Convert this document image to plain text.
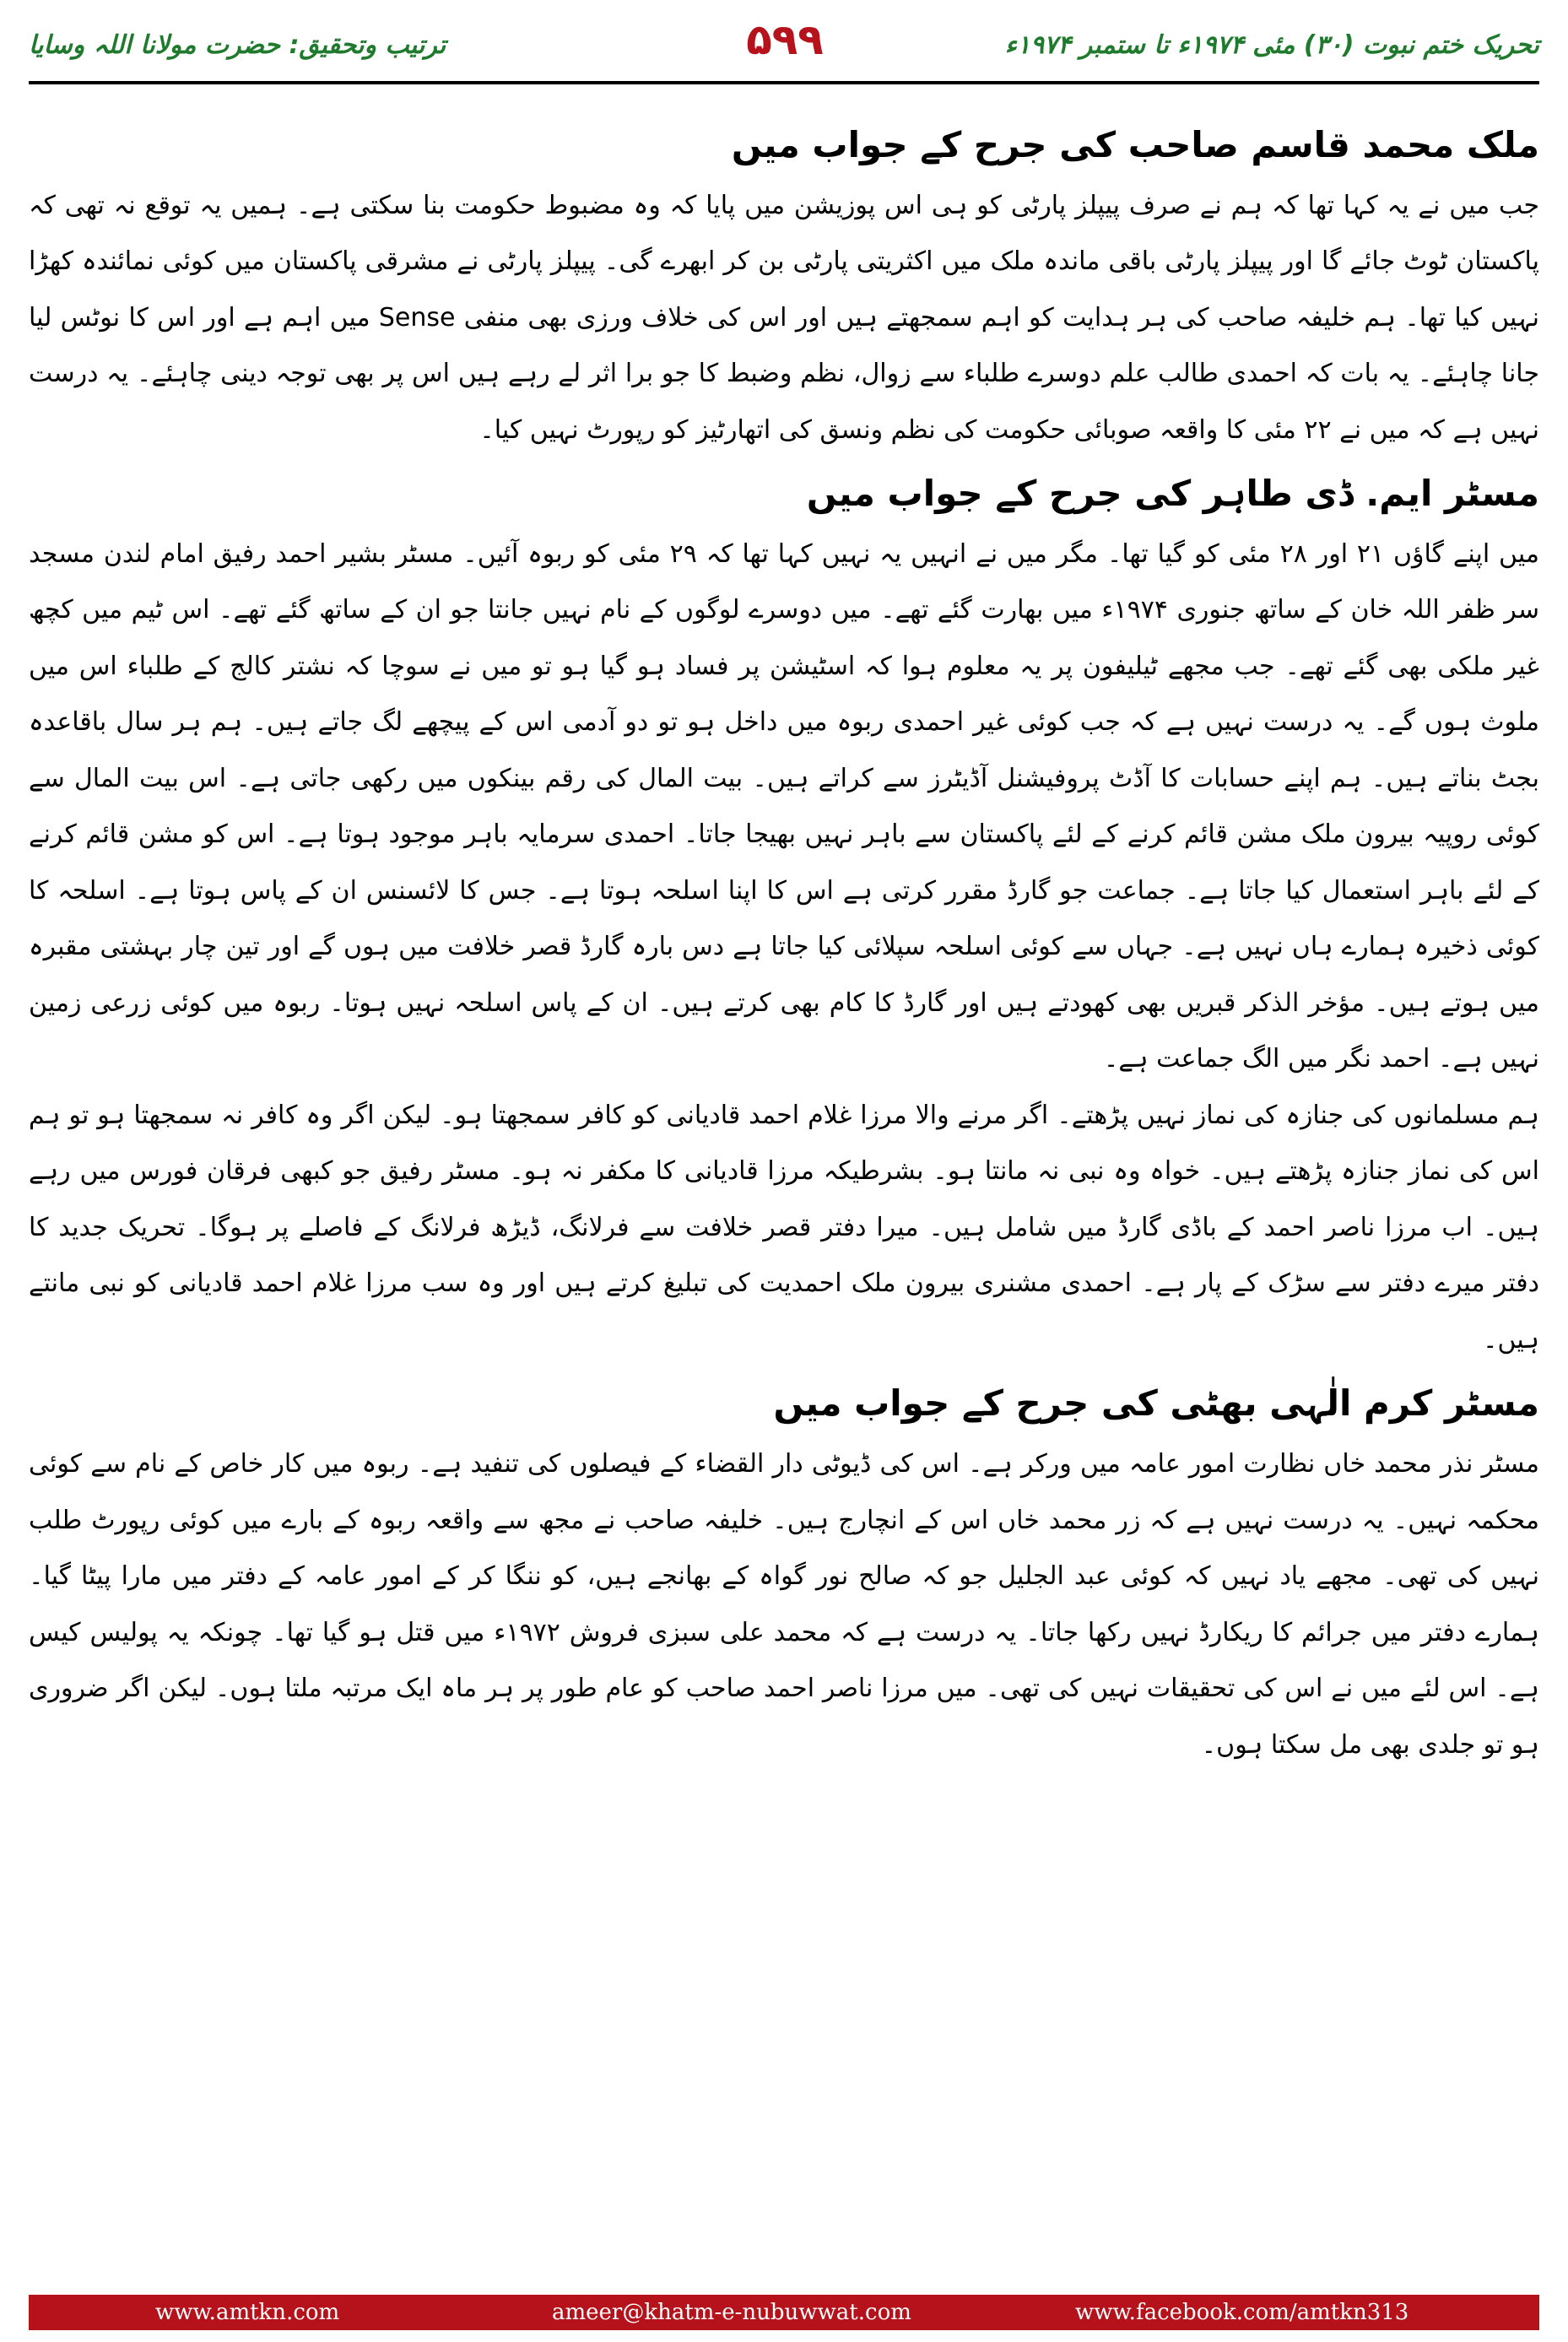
ترتیب وتحقیق: حضرت مولانا اللہ وسایا	۵۹۹	تحریک ختم نبوت (۳۰) مئی ۱۹۷۴ء تا ستمبر ۱۹۷۴ء
ملک محمد قاسم صاحب کی جرح کے جواب میں

جب میں نے یہ کہا تھا کہ ہم نے صرف پیپلز پارٹی کو ہی اس پوزیشن میں پایا کہ وہ مضبوط حکومت بنا سکتی ہے۔ ہمیں یہ توقع نہ تھی کہ پاکستان ٹوٹ جائے گا اور پیپلز پارٹی باقی ماندہ ملک میں اکثریتی پارٹی بن کر ابھرے گی۔ پیپلز پارٹی نے مشرقی پاکستان میں کوئی نمائندہ کھڑا نہیں کیا تھا۔ ہم خلیفہ صاحب کی ہر ہدایت کو اہم سمجھتے ہیں اور اس کی خلاف ورزی بھی منفی Sense میں اہم ہے اور اس کا نوٹس لیا جانا چاہئے۔ یہ بات کہ احمدی طالب علم دوسرے طلباء سے زوال، نظم وضبط کا جو برا اثر لے رہے ہیں اس پر بھی توجہ دینی چاہئے۔ یہ درست نہیں ہے کہ میں نے ۲۲ مئی کا واقعہ صوبائی حکومت کی نظم ونسق کی اتھارٹیز کو رپورٹ نہیں کیا۔

مسٹر ایم. ڈی طاہر کی جرح کے جواب میں

میں اپنے گاؤں ۲۱ اور ۲۸ مئی کو گیا تھا۔ مگر میں نے انہیں یہ نہیں کہا تھا کہ ۲۹ مئی کو ربوہ آئیں۔ مسٹر بشیر احمد رفیق امام لندن مسجد سر ظفر اللہ خان کے ساتھ جنوری ۱۹۷۴ء میں بھارت گئے تھے۔ میں دوسرے لوگوں کے نام نہیں جانتا جو ان کے ساتھ گئے تھے۔ اس ٹیم میں کچھ غیر ملکی بھی گئے تھے۔ جب مجھے ٹیلیفون پر یہ معلوم ہوا کہ اسٹیشن پر فساد ہو گیا ہو تو میں نے سوچا کہ نشتر کالج کے طلباء اس میں ملوث ہوں گے۔ یہ درست نہیں ہے کہ جب کوئی غیر احمدی ربوہ میں داخل ہو تو دو آدمی اس کے پیچھے لگ جاتے ہیں۔ ہم ہر سال باقاعدہ بجٹ بناتے ہیں۔ ہم اپنے حسابات کا آڈٹ پروفیشنل آڈیٹرز سے کراتے ہیں۔ بیت المال کی رقم بینکوں میں رکھی جاتی ہے۔ اس بیت المال سے کوئی روپیہ بیرون ملک مشن قائم کرنے کے لئے پاکستان سے باہر نہیں بھیجا جاتا۔ احمدی سرمایہ باہر موجود ہوتا ہے۔ اس کو مشن قائم کرنے کے لئے باہر استعمال کیا جاتا ہے۔ جماعت جو گارڈ مقرر کرتی ہے اس کا اپنا اسلحہ ہوتا ہے۔ جس کا لائسنس ان کے پاس ہوتا ہے۔ اسلحہ کا کوئی ذخیرہ ہمارے ہاں نہیں ہے۔ جہاں سے کوئی اسلحہ سپلائی کیا جاتا ہے دس بارہ گارڈ قصر خلافت میں ہوں گے اور تین چار بہشتی مقبرہ میں ہوتے ہیں۔ مؤخر الذکر قبریں بھی کھودتے ہیں اور گارڈ کا کام بھی کرتے ہیں۔ ان کے پاس اسلحہ نہیں ہوتا۔ ربوہ میں کوئی زرعی زمین نہیں ہے۔ احمد نگر میں الگ جماعت ہے۔

ہم مسلمانوں کی جنازہ کی نماز نہیں پڑھتے۔ اگر مرنے والا مرزا غلام احمد قادیانی کو کافر سمجھتا ہو۔ لیکن اگر وہ کافر نہ سمجھتا ہو تو ہم اس کی نماز جنازہ پڑھتے ہیں۔ خواہ وہ نبی نہ مانتا ہو۔ بشرطیکہ مرزا قادیانی کا مکفر نہ ہو۔ مسٹر رفیق جو کبھی فرقان فورس میں رہے ہیں۔ اب مرزا ناصر احمد کے باڈی گارڈ میں شامل ہیں۔ میرا دفتر قصر خلافت سے فرلانگ، ڈیڑھ فرلانگ کے فاصلے پر ہوگا۔ تحریک جدید کا دفتر میرے دفتر سے سڑک کے پار ہے۔ احمدی مشنری بیرون ملک احمدیت کی تبلیغ کرتے ہیں اور وہ سب مرزا غلام احمد قادیانی کو نبی مانتے ہیں۔

مسٹر کرم الٰہی بھٹی کی جرح کے جواب میں

مسٹر نذر محمد خاں نظارت امور عامہ میں ورکر ہے۔ اس کی ڈیوٹی دار القضاء کے فیصلوں کی تنفید ہے۔ ربوہ میں کار خاص کے نام سے کوئی محکمہ نہیں۔ یہ درست نہیں ہے کہ زر محمد خاں اس کے انچارج ہیں۔ خلیفہ صاحب نے مجھ سے واقعہ ربوہ کے بارے میں کوئی رپورٹ طلب نہیں کی تھی۔ مجھے یاد نہیں کہ کوئی عبد الجلیل جو کہ صالح نور گواہ کے بھانجے ہیں، کو ننگا کر کے امور عامہ کے دفتر میں مارا پیٹا گیا۔ ہمارے دفتر میں جرائم کا ریکارڈ نہیں رکھا جاتا۔ یہ درست ہے کہ محمد علی سبزی فروش ۱۹۷۲ء میں قتل ہو گیا تھا۔ چونکہ یہ پولیس کیس ہے۔ اس لئے میں نے اس کی تحقیقات نہیں کی تھی۔ میں مرزا ناصر احمد صاحب کو عام طور پر ہر ماہ ایک مرتبہ ملتا ہوں۔ لیکن اگر ضروری ہو تو جلدی بھی مل سکتا ہوں۔

www.amtkn.com	ameer@khatm-e-nubuwwat.com	www.facebook.com/amtkn313
